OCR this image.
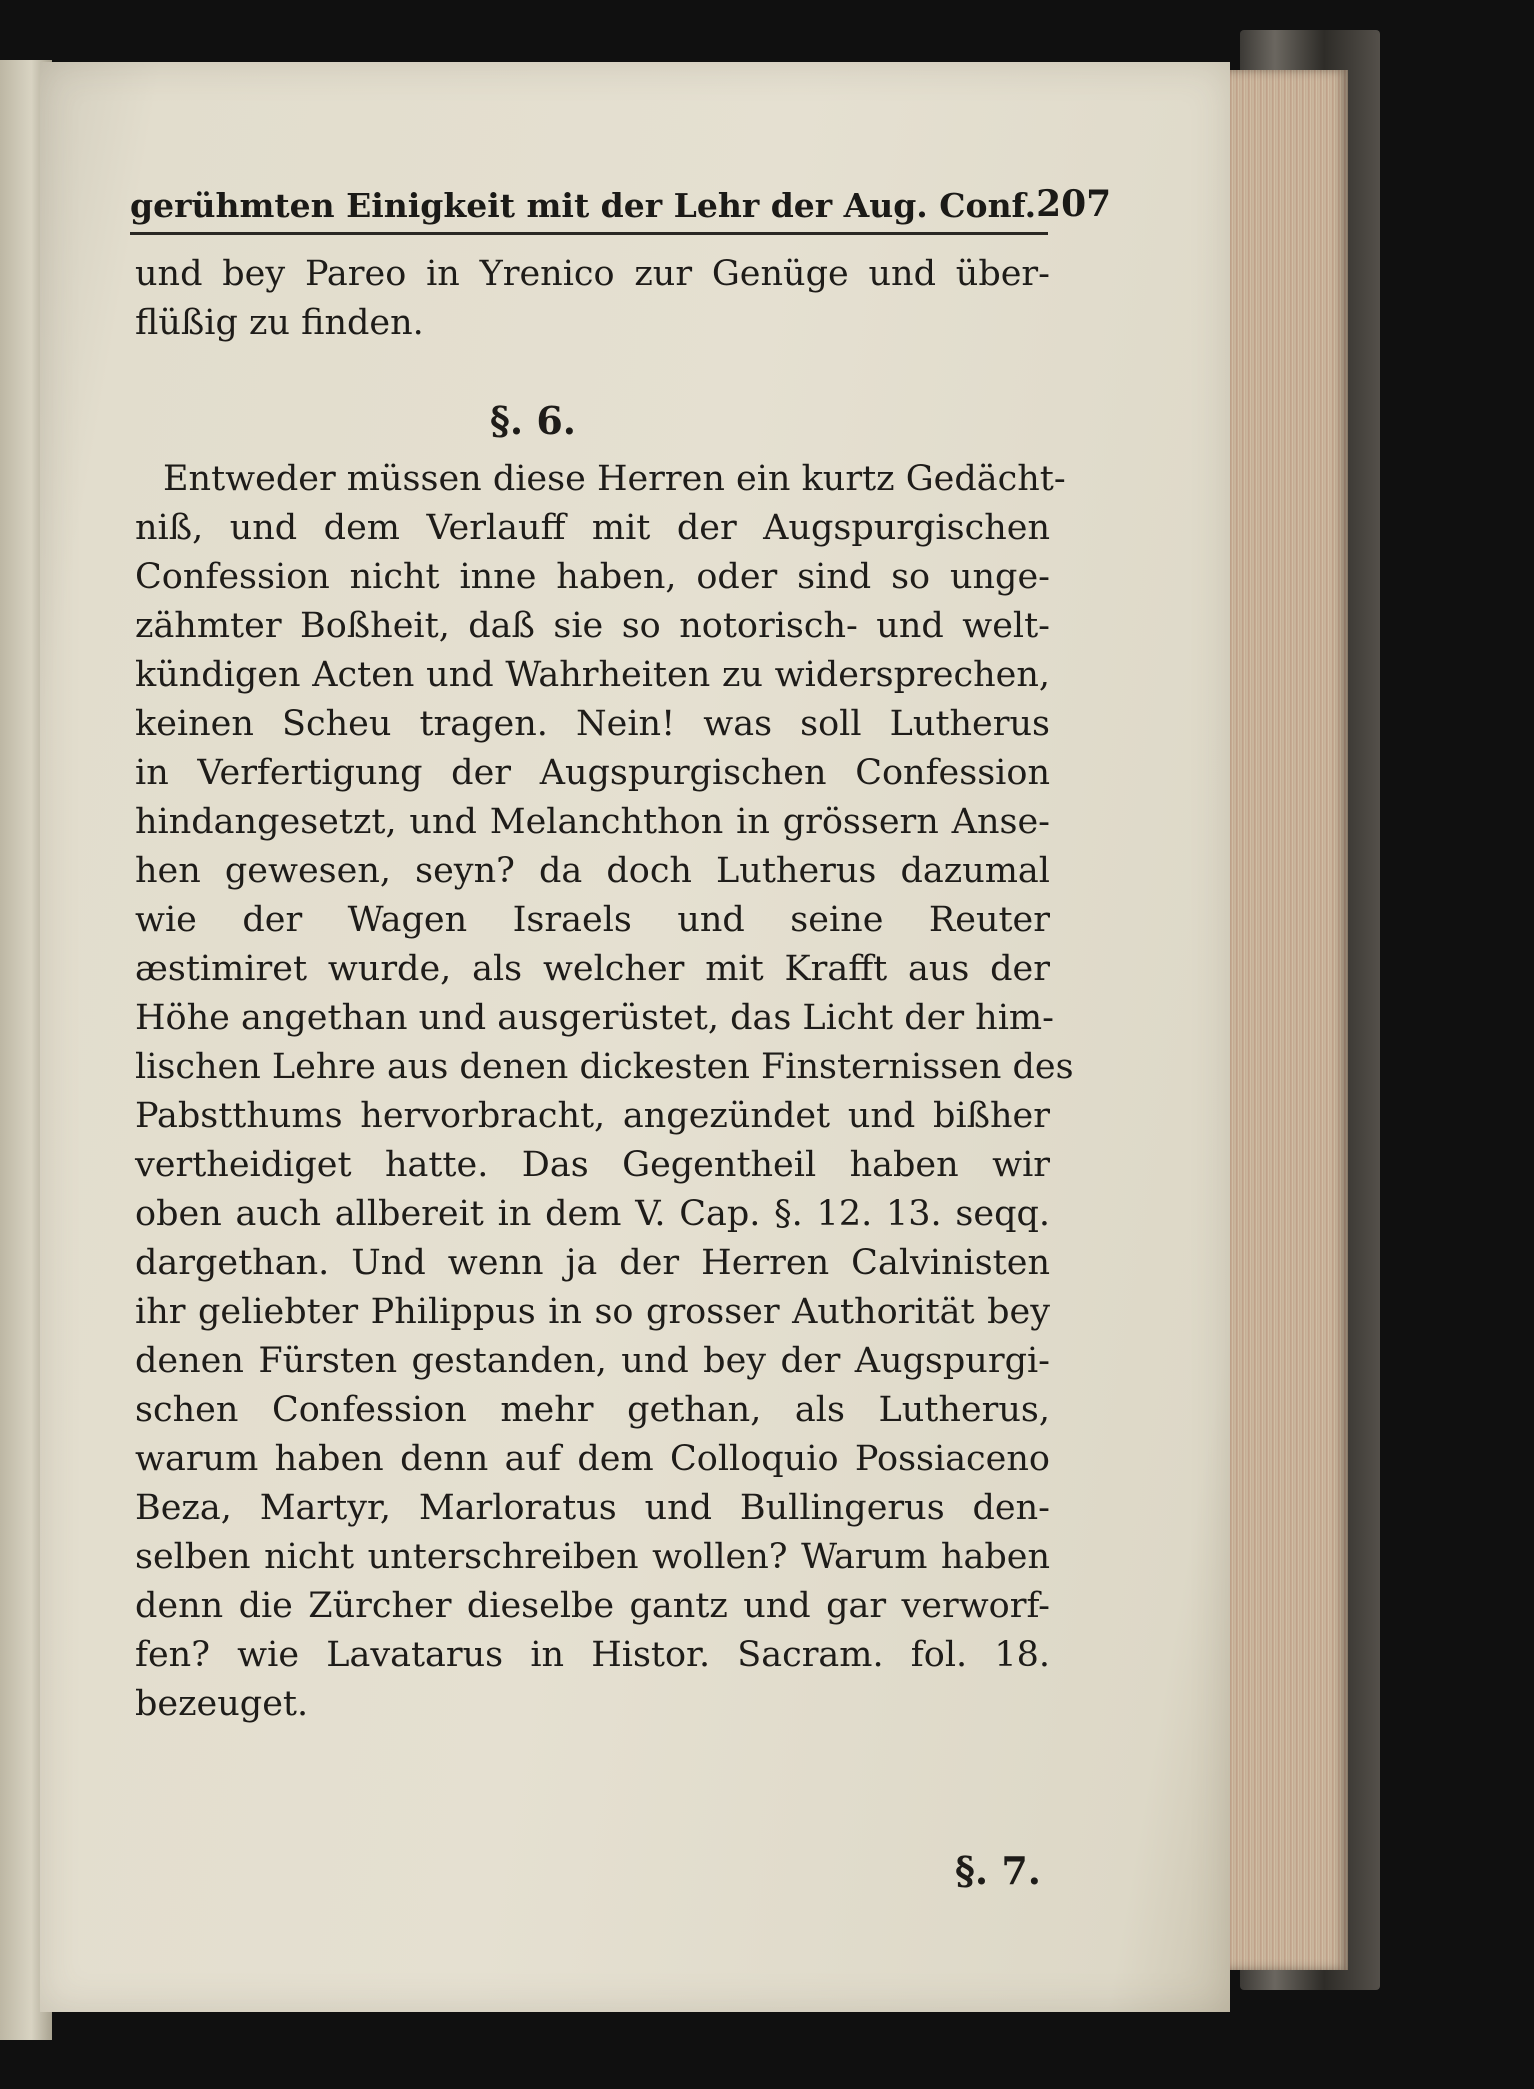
gerühmten Einigkeit mit der Lehr der Aug. Conf. 207
und bey Pareo in Yrenico zur Genüge und über-
flüßig zu finden.
§. 6.
Entweder müssen diese Herren ein kurtz Gedächt-
niß, und dem Verlauff mit der Augspurgischen
Confession nicht inne haben, oder sind so unge-
zähmter Boßheit, daß sie so notorisch- und welt-
kündigen Acten und Wahrheiten zu widersprechen,
keinen Scheu tragen. Nein! was soll Lutherus
in Verfertigung der Augspurgischen Confession
hindangesetzt, und Melanchthon in grössern Anse-
hen gewesen, seyn? da doch Lutherus dazumal
wie der Wagen Israels und seine Reuter
æstimiret wurde, als welcher mit Krafft aus der
Höhe angethan und ausgerüstet, das Licht der him-
lischen Lehre aus denen dickesten Finsternissen des
Pabstthums hervorbracht, angezündet und bißher
vertheidiget hatte. Das Gegentheil haben wir
oben auch allbereit in dem V. Cap. §. 12. 13. seqq.
dargethan. Und wenn ja der Herren Calvinisten
ihr geliebter Philippus in so grosser Authorität bey
denen Fürsten gestanden, und bey der Augspurgi-
schen Confession mehr gethan, als Lutherus,
warum haben denn auf dem Colloquio Possiaceno
Beza, Martyr, Marloratus und Bullingerus den-
selben nicht unterschreiben wollen? Warum haben
denn die Zürcher dieselbe gantz und gar verworf-
fen? wie Lavatarus in Histor. Sacram. fol. 18.
bezeuget.
§. 7.
